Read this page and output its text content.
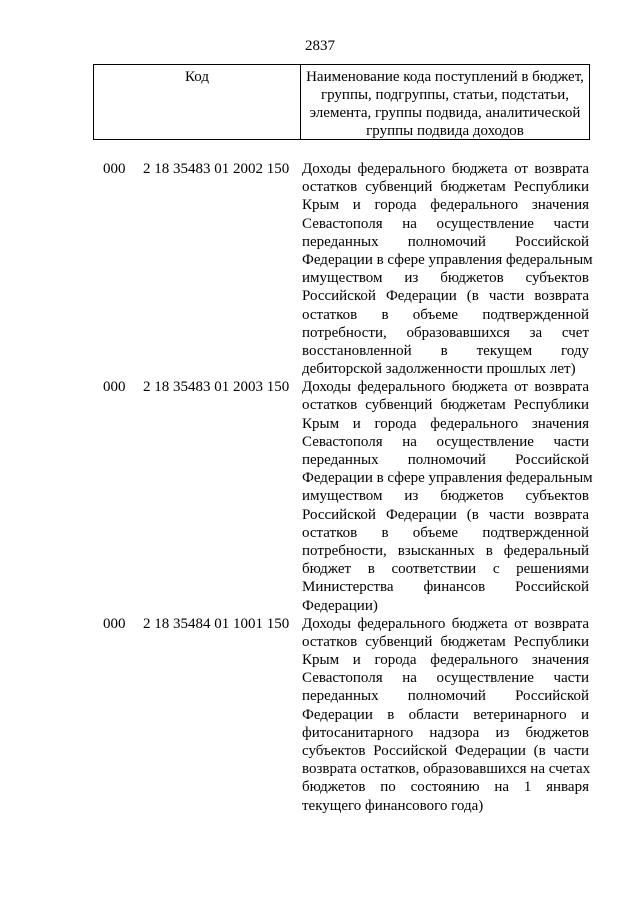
2837
Код	Наименование кода поступлений в бюджет,
группы, подгруппы, статьи, подстатьи,
элемента, группы подвида, аналитической
группы подвида доходов
000 2 18 35483 01 2002 150 Доходы федерального бюджета от возврата
остатков субвенций бюджетам Республики
Крым и города федерального значения
Севастополя на осуществление части
переданных полномочий Российской
Федерации в сфере управления федеральным
имуществом из бюджетов субъектов
Российской Федерации (в части возврата
остатков в объеме подтвержденной
потребности, образовавшихся за счет
восстановленной в текущем году
дебиторской задолженности прошлых лет)
000 2 18 35483 01 2003 150 Доходы федерального бюджета от возврата
остатков субвенций бюджетам Республики
Крым и города федерального значения
Севастополя на осуществление части
переданных полномочий Российской
Федерации в сфере управления федеральным
имуществом из бюджетов субъектов
Российской Федерации (в части возврата
остатков в объеме подтвержденной
потребности, взысканных в федеральный
бюджет в соответствии с решениями
Министерства финансов Российской
Федерации)
000 2 18 35484 01 1001 150 Доходы федерального бюджета от возврата
остатков субвенций бюджетам Республики
Крым и города федерального значения
Севастополя на осуществление части
переданных полномочий Российской
Федерации в области ветеринарного и
фитосанитарного надзора из бюджетов
субъектов Российской Федерации (в части
возврата остатков, образовавшихся на счетах
бюджетов по состоянию на 1 января
текущего финансового года)
